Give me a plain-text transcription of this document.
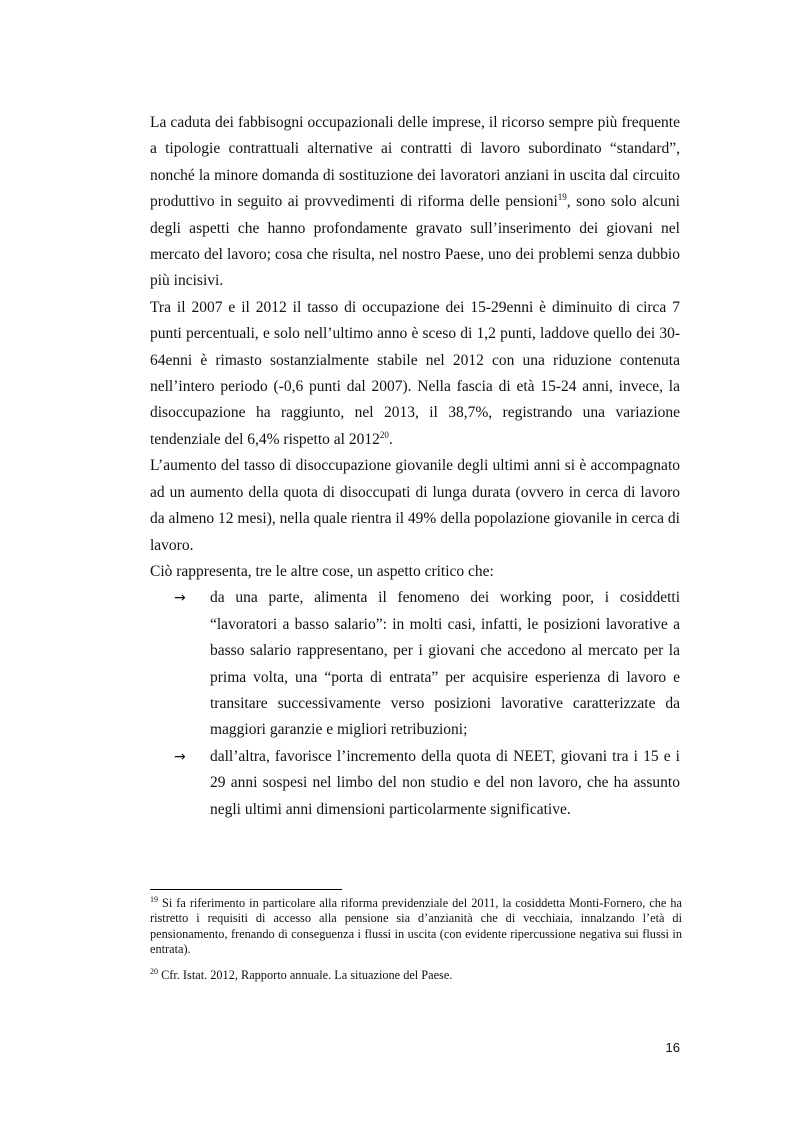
La caduta dei fabbisogni occupazionali delle imprese, il ricorso sempre più frequente a tipologie contrattuali alternative ai contratti di lavoro subordinato “standard”, nonché la minore domanda di sostituzione dei lavoratori anziani in uscita dal circuito produttivo in seguito ai provvedimenti di riforma delle pensioni$^{19}$, sono solo alcuni degli aspetti che hanno profondamente gravato sull’inserimento dei giovani nel mercato del lavoro; cosa che risulta, nel nostro Paese, uno dei problemi senza dubbio più incisivi.

Tra il 2007 e il 2012 il tasso di occupazione dei 15-29enni è diminuito di circa 7 punti percentuali, e solo nell’ultimo anno è sceso di 1,2 punti, laddove quello dei 30-64enni è rimasto sostanzialmente stabile nel 2012 con una riduzione contenuta nell’intero periodo (-0,6 punti dal 2007). Nella fascia di età 15-24 anni, invece, la disoccupazione ha raggiunto, nel 2013, il 38,7%, registrando una variazione tendenziale del 6,4% rispetto al 2012$^{20}$.

L’aumento del tasso di disoccupazione giovanile degli ultimi anni si è accompagnato ad un aumento della quota di disoccupati di lunga durata (ovvero in cerca di lavoro da almeno 12 mesi), nella quale rientra il 49% della popolazione giovanile in cerca di lavoro.

Ciò rappresenta, tre le altre cose, un aspetto critico che:

→ da una parte, alimenta il fenomeno dei working poor, i cosiddetti “lavoratori a basso salario”: in molti casi, infatti, le posizioni lavorative a basso salario rappresentano, per i giovani che accedono al mercato per la prima volta, una “porta di entrata” per acquisire esperienza di lavoro e transitare successivamente verso posizioni lavorative caratterizzate da maggiori garanzie e migliori retribuzioni;
→ dall’altra, favorisce l’incremento della quota di NEET, giovani tra i 15 e i 29 anni sospesi nel limbo del non studio e del non lavoro, che ha assunto negli ultimi anni dimensioni particolarmente significative.

$^{19}$ Si fa riferimento in particolare alla riforma previdenziale del 2011, la cosiddetta Monti-Fornero, che ha ristretto i requisiti di accesso alla pensione sia d’anzianità che di vecchiaia, innalzando l’età di pensionamento, frenando di conseguenza i flussi in uscita (con evidente ripercussione negativa sui flussi in entrata).

$^{20}$ Cfr. Istat. 2012, Rapporto annuale. La situazione del Paese.

16
